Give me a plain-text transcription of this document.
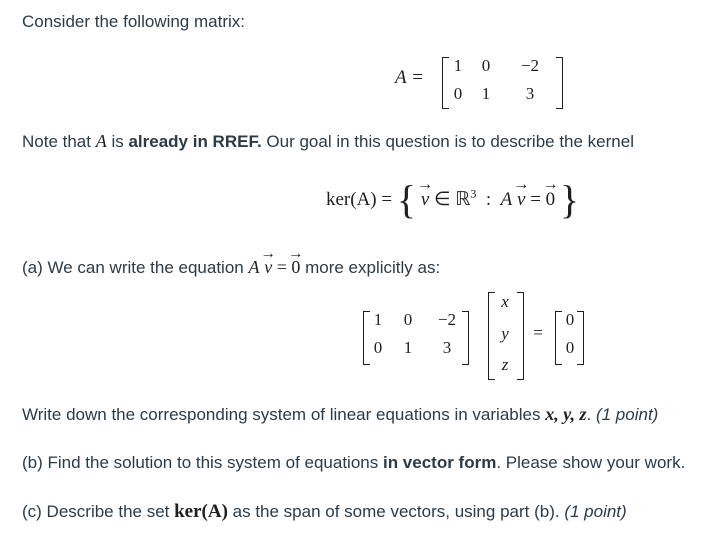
Consider the following matrix:
A =
1 0	−2
0 1	3
Note that A is already in RREF. Our goal in this question is to describe the kernel
ker(A) = { → v ∈ ℝ$^3$ : A → v = → 0 }
(a) We can write the equation A → v = → 0 more explicitly as:
1 0	−2
0 1	3
x
y
z
=
0
0
Write down the corresponding system of linear equations in variables x, y, z. (1 point)
(b) Find the solution to this system of equations in vector form. Please show your work.
(c) Describe the set ker(A) as the span of some vectors, using part (b). (1 point)
